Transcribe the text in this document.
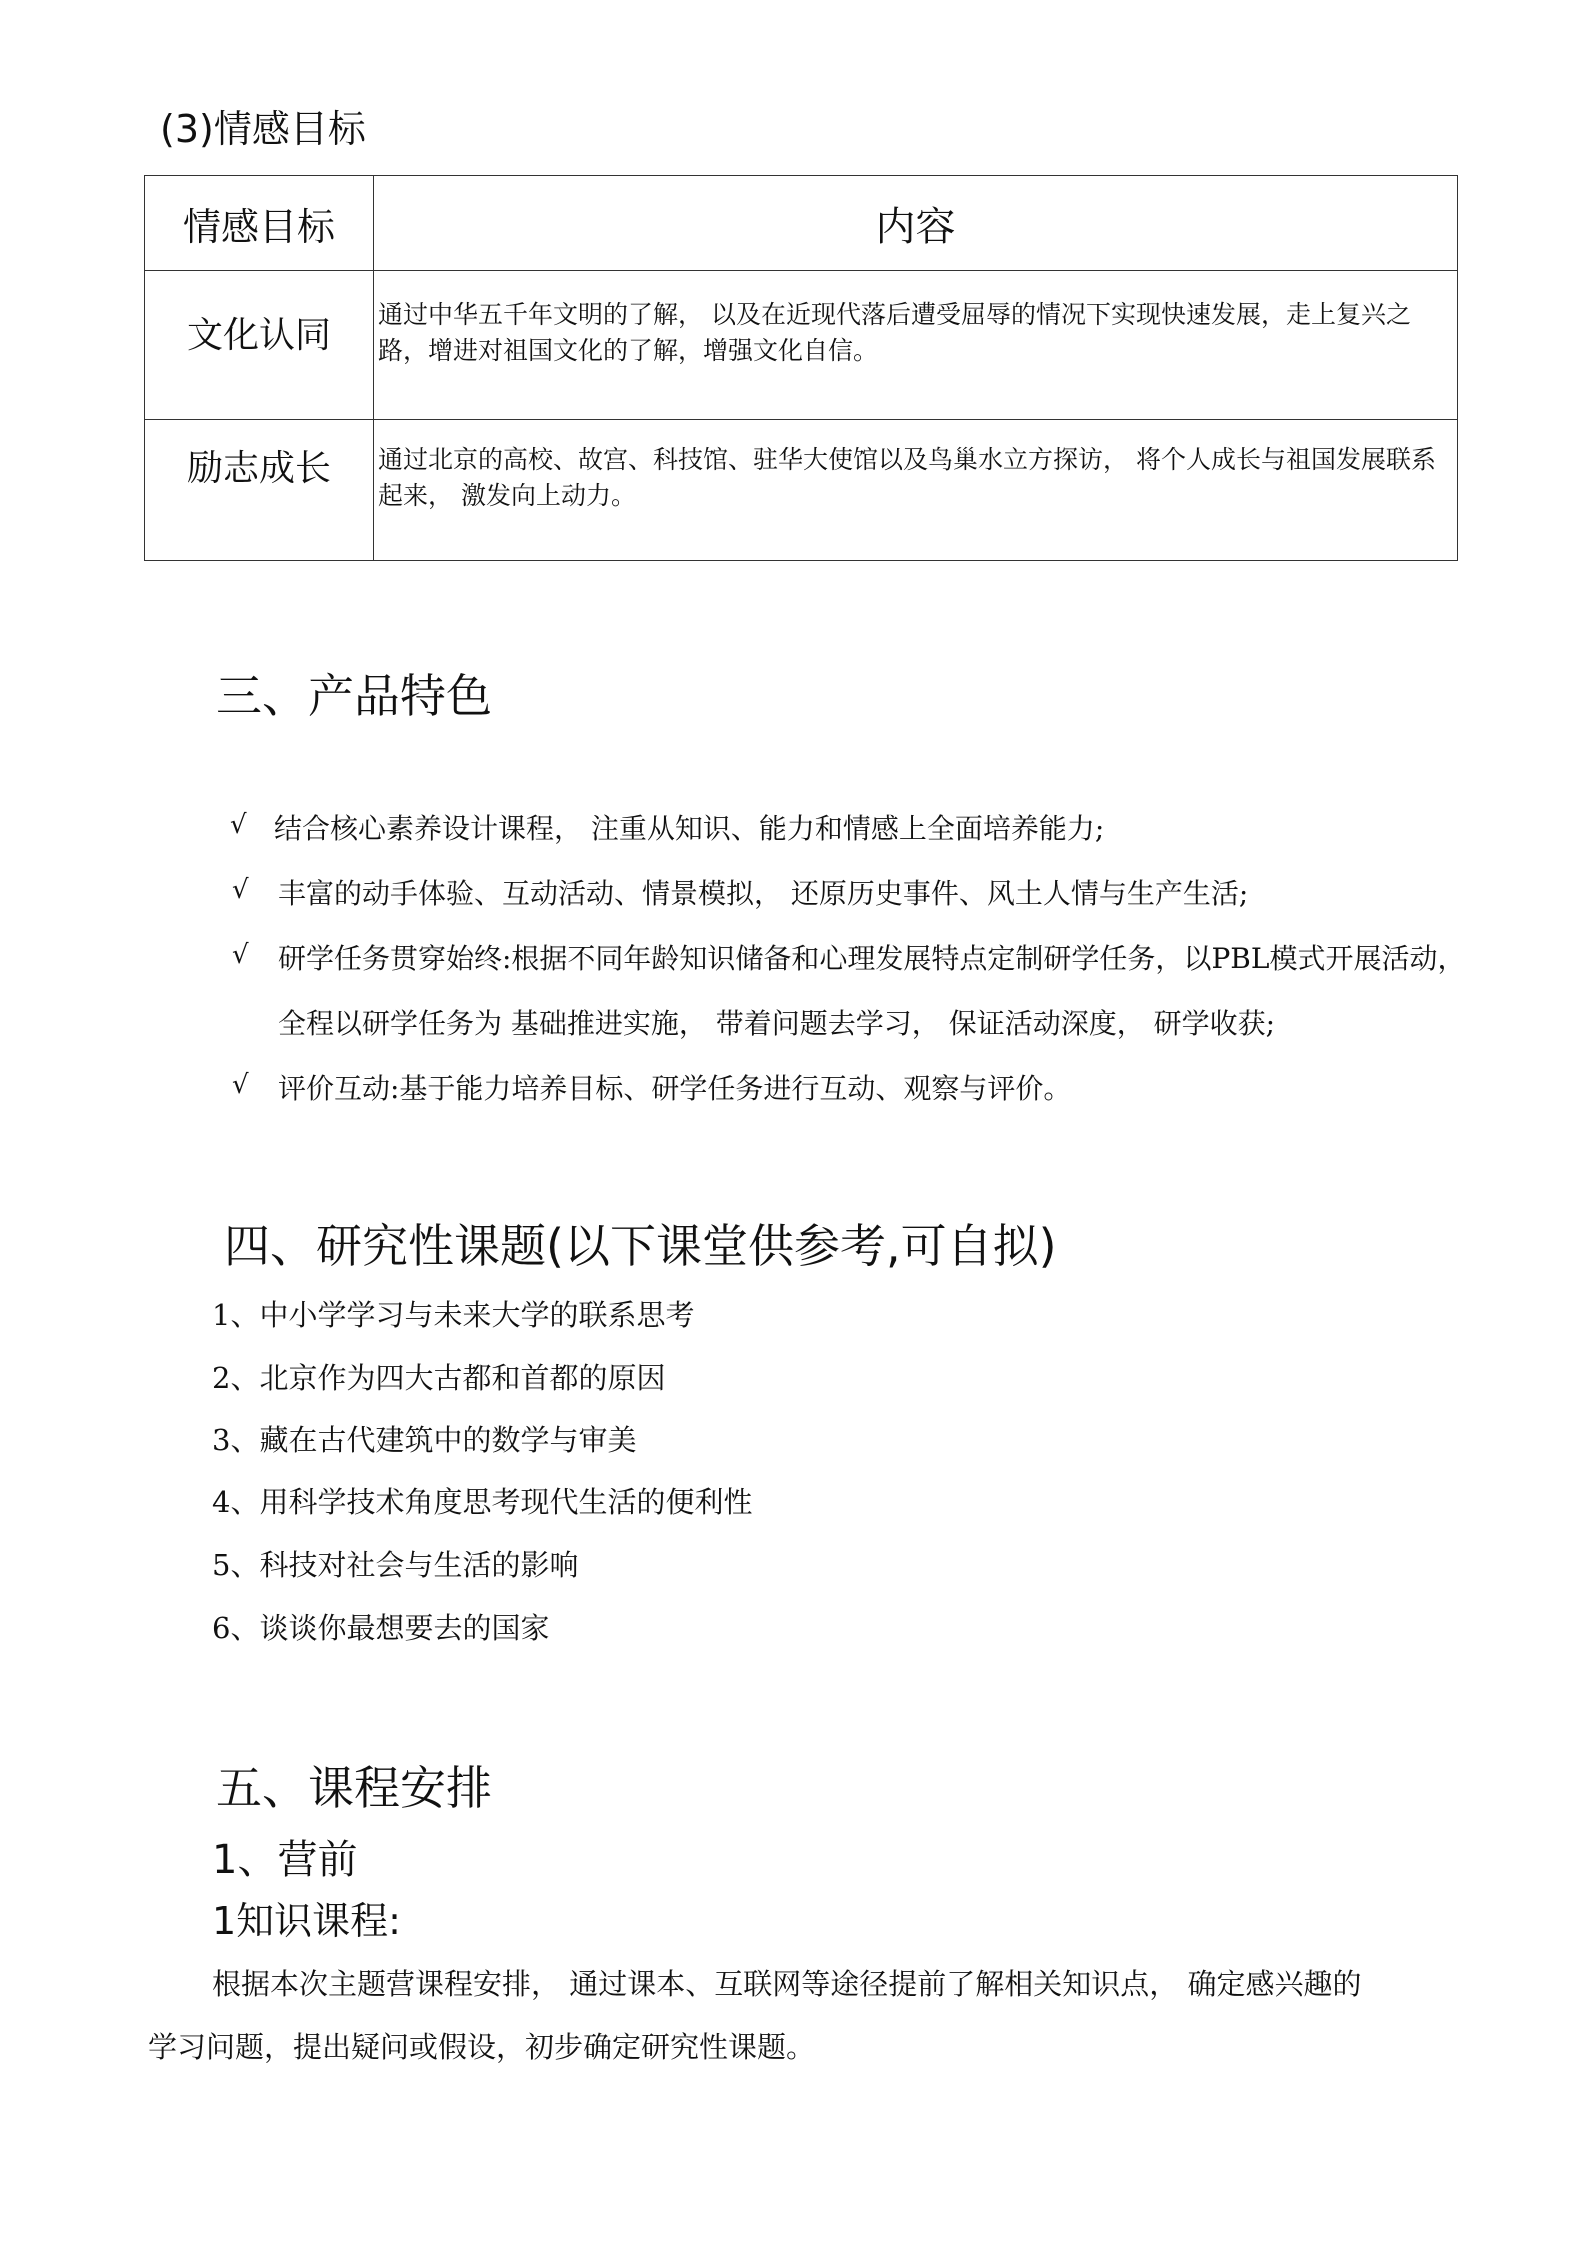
(3)情感目标
情感目标	内容

文化认同	通过中华五千年文明的了解， 以及在近现代落后遭受屈辱的情况下实现快速发展，走上复兴之路，增进对祖国文化的了解，增强文化自信。

励志成长	通过北京的高校、故宫、科技馆、驻华大使馆以及鸟巢水立方探访， 将个人成长与祖国发展联系起来， 激发向上动力。
三、产品特色
√ 结合核心素养设计课程， 注重从知识、能力和情感上全面培养能力;
√ 丰富的动手体验、互动活动、情景模拟， 还原历史事件、风土人情与生产生活;
√ 研学任务贯穿始终:根据不同年龄知识储备和心理发展特点定制研学任务，以PBL模式开展活动，
全程以研学任务为 基础推进实施， 带着问题去学习， 保证活动深度， 研学收获;
√ 评价互动:基于能力培养目标、研学任务进行互动、观察与评价。
四、研究性课题(以下课堂供参考,可自拟)
1、中小学学习与未来大学的联系思考
2、北京作为四大古都和首都的原因
3、藏在古代建筑中的数学与审美
4、用科学技术角度思考现代生活的便利性
5、科技对社会与生活的影响
6、谈谈你最想要去的国家
五、课程安排
1、营前
1知识课程:
根据本次主题营课程安排， 通过课本、互联网等途径提前了解相关知识点， 确定感兴趣的
学习问题，提出疑问或假设，初步确定研究性课题。
